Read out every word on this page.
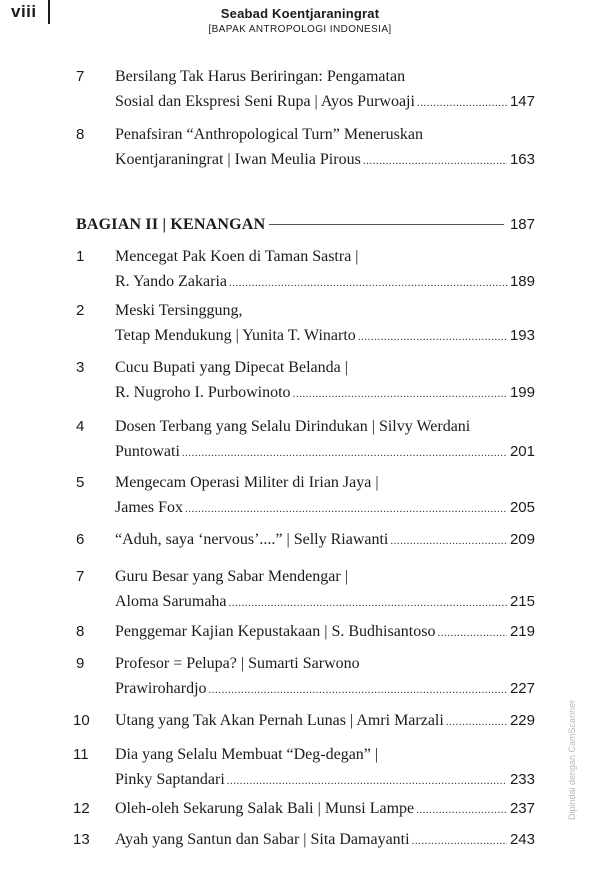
viii	Seabad Koentjaraningrat
[BAPAK ANTROPOLOGI INDONESIA]
7	Bersilang Tak Harus Beriringan: Pengamatan
Sosial dan Ekspresi Seni Rupa | Ayos Purwoaji .....	147
8	Penafsiran “Anthropological Turn” Meneruskan
Koentjaraningrat | Iwan Meulia Pirous .....	163
BAGIAN II | KENANGAN	187
1	Mencegat Pak Koen di Taman Sastra |
R. Yando Zakaria .....	189
2	Meski Tersinggung,
Tetap Mendukung | Yunita T. Winarto .....	193
3	Cucu Bupati yang Dipecat Belanda |
R. Nugroho I. Purbowinoto .....	199
4	Dosen Terbang yang Selalu Dirindukan | Silvy Werdani
Puntowati .....	201
5	Mengecam Operasi Militer di Irian Jaya |
James Fox .....	205
6	“Aduh, saya ‘nervous’....” | Selly Riawanti .....	209
7	Guru Besar yang Sabar Mendengar |
Aloma Sarumaha .....	215
8	Penggemar Kajian Kepustakaan | S. Budhisantoso .....	219
9	Profesor = Pelupa? | Sumarti Sarwono
Prawirohardjo .....	227
10	Utang yang Tak Akan Pernah Lunas | Amri Marzali .....	229
11	Dia yang Selalu Membuat “Deg-degan” |
Pinky Saptandari .....	233
12	Oleh-oleh Sekarung Salak Bali | Munsi Lampe .....	237
13	Ayah yang Santun dan Sabar | Sita Damayanti .....	243
Dipindai dengan CamScanner
